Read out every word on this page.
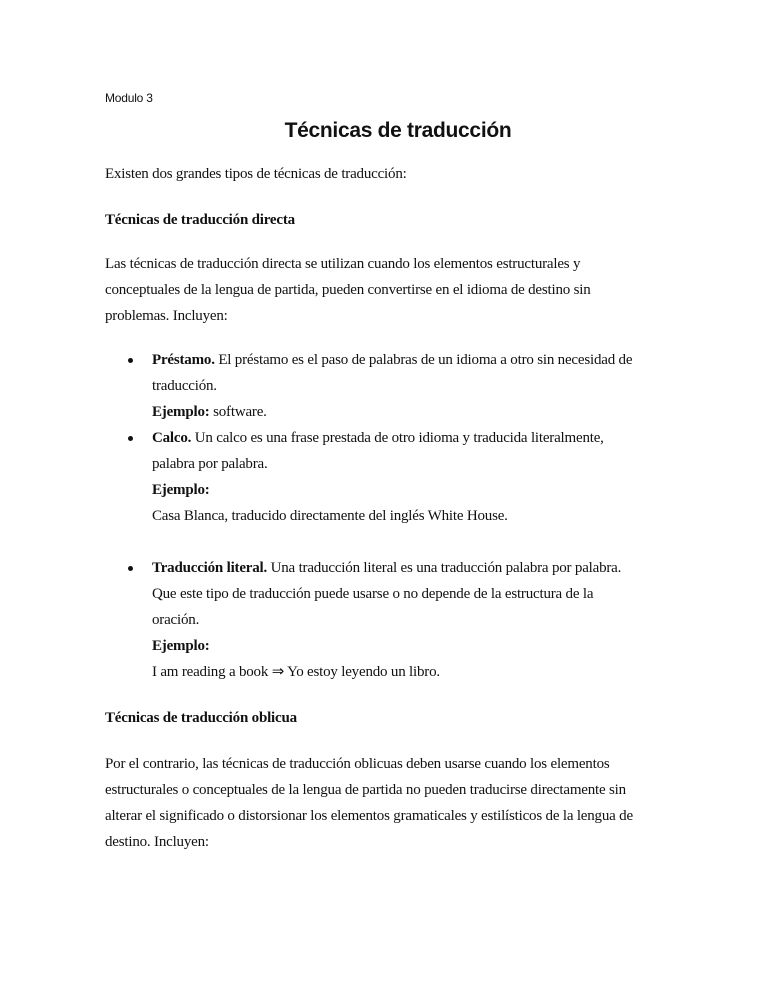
Modulo 3
Técnicas de traducción
Existen dos grandes tipos de técnicas de traducción:
Técnicas de traducción directa
Las técnicas de traducción directa se utilizan cuando los elementos estructurales y
conceptuales de la lengua de partida, pueden convertirse en el idioma de destino sin
problemas. Incluyen:
Préstamo. El préstamo es el paso de palabras de un idioma a otro sin necesidad de
traducción.
Ejemplo: software.
Calco. Un calco es una frase prestada de otro idioma y traducida literalmente,
palabra por palabra.
Ejemplo:
Casa Blanca, traducido directamente del inglés White House.
Traducción literal. Una traducción literal es una traducción palabra por palabra.
Que este tipo de traducción puede usarse o no depende de la estructura de la
oración.
Ejemplo:
I am reading a book ⇒ Yo estoy leyendo un libro.
Técnicas de traducción oblicua
Por el contrario, las técnicas de traducción oblicuas deben usarse cuando los elementos
estructurales o conceptuales de la lengua de partida no pueden traducirse directamente sin
alterar el significado o distorsionar los elementos gramaticales y estilísticos de la lengua de
destino. Incluyen:
